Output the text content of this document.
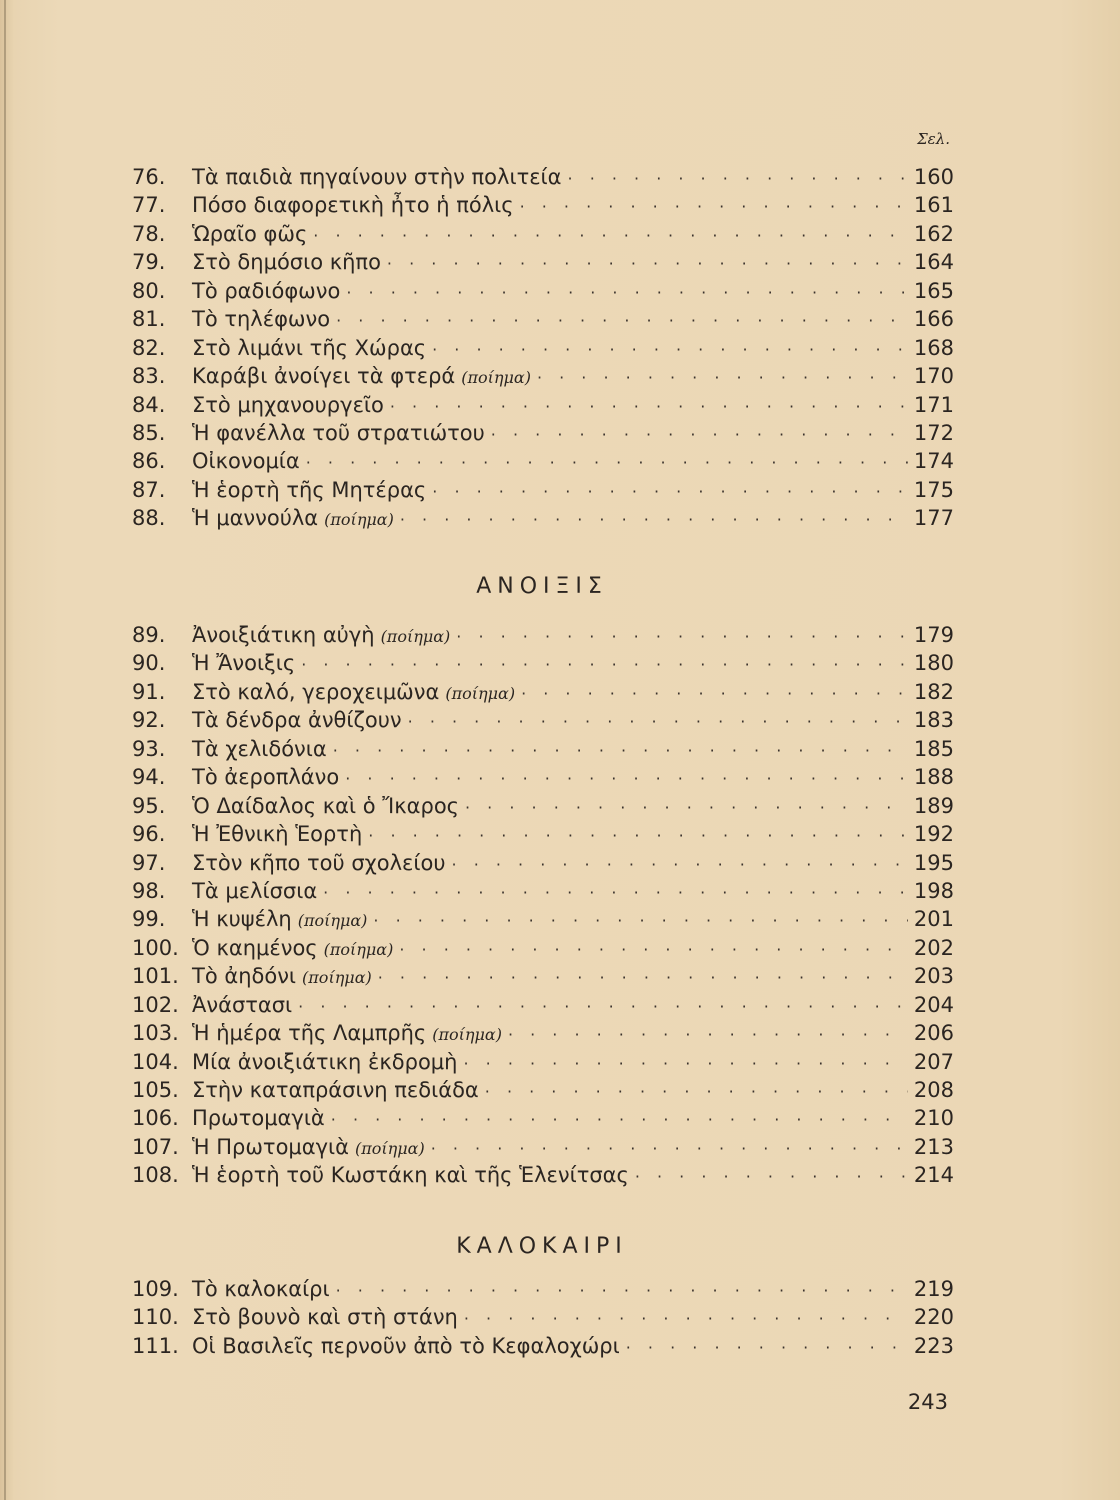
Σελ.
76.	Τὰ παιδιὰ πηγαίνουν στὴν πολιτεία · · ·	160
77.	Πόσο διαφορετικὴ ἦτο ἡ πόλις · · ·	161
78.	Ὡραῖο φῶς · · ·	162
79.	Στὸ δημόσιο κῆπο · · ·	164
80.	Τὸ ραδιόφωνο · · ·	165
81.	Τὸ τηλέφωνο · · ·	166
82.	Στὸ λιμάνι τῆς Χώρας · · ·	168
83.	Καράβι ἀνοίγει τὰ φτερά (ποίημα) · · ·	170
84.	Στὸ μηχανουργεῖο · · ·	171
85.	Ἡ φανέλλα τοῦ στρατιώτου · · ·	172
86.	Οἰκονομία · · ·	174
87.	Ἡ ἑορτὴ τῆς Μητέρας · · ·	175
88.	Ἡ μαννούλα (ποίημα) · · ·	177
ΑΝΟΙΞΙΣ
89.	Ἀνοιξιάτικη αὐγὴ (ποίημα) · · ·	179
90.	Ἡ Ἄνοιξις · · ·	180
91.	Στὸ καλό, γεροχειμῶνα (ποίημα) · · ·	182
92.	Τὰ δένδρα ἀνθίζουν · · ·	183
93.	Τὰ χελιδόνια · · ·	185
94.	Τὸ ἀεροπλάνο · · ·	188
95.	Ὁ Δαίδαλος καὶ ὁ Ἴκαρος · · ·	189
96.	Ἡ Ἐθνικὴ Ἑορτὴ · · ·	192
97.	Στὸν κῆπο τοῦ σχολείου · · ·	195
98.	Τὰ μελίσσια · · ·	198
99.	Ἡ κυψέλη (ποίημα) · · ·	201
100. Ὁ καημένος (ποίημα) · · ·	202
101. Τὸ ἀηδόνι (ποίημα) · · ·	203
102. Ἀνάστασι · · ·	204
103. Ἡ ἡμέρα τῆς Λαμπρῆς (ποίημα) · · ·	206
104. Μία ἀνοιξιάτικη ἐκδρομὴ · · ·	207
105. Στὴν καταπράσινη πεδιάδα · · ·	208
106. Πρωτομαγιὰ · · ·	210
107. Ἡ Πρωτομαγιὰ (ποίημα) · · ·	213
108. Ἡ ἑορτὴ τοῦ Κωστάκη καὶ τῆς Ἑλενίτσας · · ·	214
ΚΑΛΟΚΑΙΡΙ
109. Τὸ καλοκαίρι · · ·	219
110. Στὸ βουνὸ καὶ στὴ στάνη · · ·	220
111. Οἱ Βασιλεῖς περνοῦν ἀπὸ τὸ Κεφαλοχώρι · · ·	223
243
